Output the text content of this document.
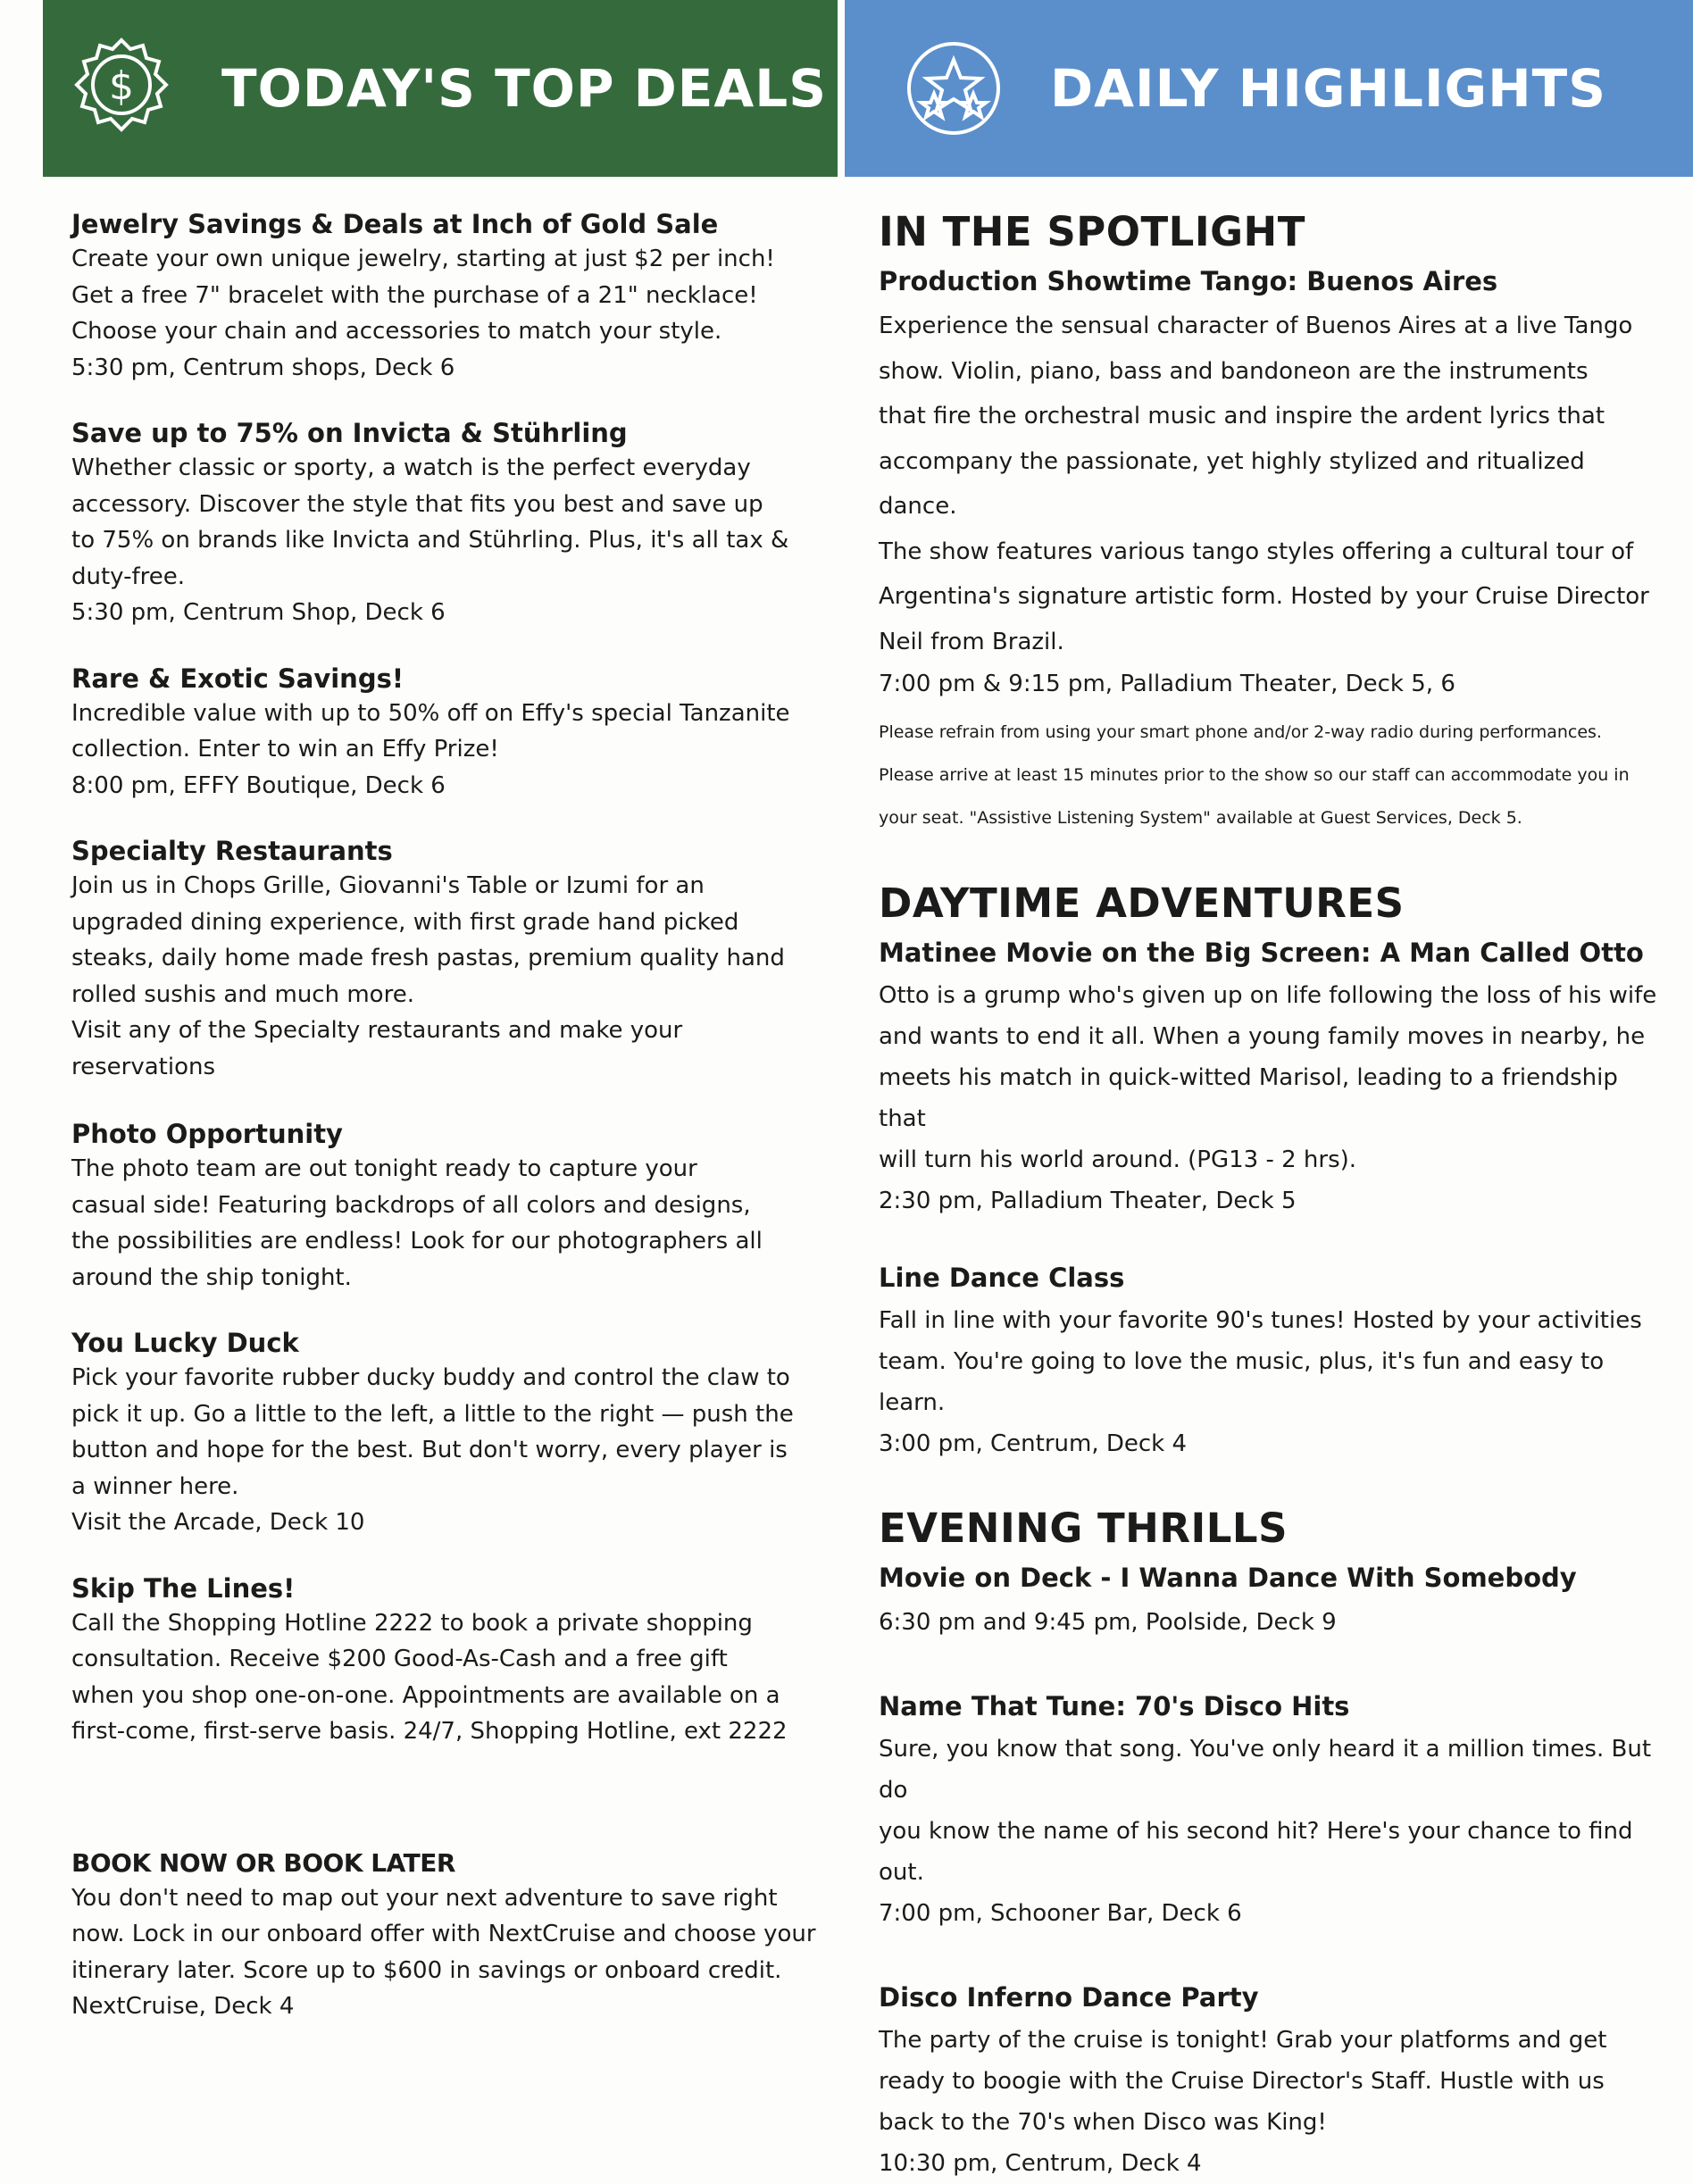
$ TODAY'S TOP DEALS	DAILY HIGHLIGHTS

Jewelry Savings & Deals at Inch of Gold Sale

Create your own unique jewelry, starting at just $2 per inch!
Get a free 7" bracelet with the purchase of a 21" necklace!
Choose your chain and accessories to match your style.

5:30 pm, Centrum shops, Deck 6

Save up to 75% on Invicta & Stührling

Whether classic or sporty, a watch is the perfect everyday
accessory. Discover the style that fits you best and save up
to 75% on brands like Invicta and Stührling. Plus, it's all tax &
duty-free.

5:30 pm, Centrum Shop, Deck 6

Rare & Exotic Savings!

Incredible value with up to 50% off on Effy's special Tanzanite
collection. Enter to win an Effy Prize!

8:00 pm, EFFY Boutique, Deck 6

Specialty Restaurants

Join us in Chops Grille, Giovanni's Table or Izumi for an
upgraded dining experience, with first grade hand picked
steaks, daily home made fresh pastas, premium quality hand
rolled sushis and much more.
Visit any of the Specialty restaurants and make your
reservations

Photo Opportunity

The photo team are out tonight ready to capture your
casual side! Featuring backdrops of all colors and designs,
the possibilities are endless! Look for our photographers all
around the ship tonight.

You Lucky Duck

Pick your favorite rubber ducky buddy and control the claw to
pick it up. Go a little to the left, a little to the right — push the
button and hope for the best. But don't worry, every player is
a winner here.

Visit the Arcade, Deck 10

Skip The Lines!

Call the Shopping Hotline 2222 to book a private shopping
consultation. Receive $200 Good-As-Cash and a free gift
when you shop one-on-one. Appointments are available on a
first-come, first-serve basis. 24/7, Shopping Hotline, ext 2222

BOOK NOW OR BOOK LATER

You don't need to map out your next adventure to save right
now. Lock in our onboard offer with NextCruise and choose your
itinerary later. Score up to $600 in savings or onboard credit.

NextCruise, Deck 4

IN THE SPOTLIGHT

Production Showtime Tango: Buenos Aires

Experience the sensual character of Buenos Aires at a live Tango
show. Violin, piano, bass and bandoneon are the instruments
that fire the orchestral music and inspire the ardent lyrics that
accompany the passionate, yet highly stylized and ritualized dance.
The show features various tango styles offering a cultural tour of
Argentina's signature artistic form. Hosted by your Cruise Director
Neil from Brazil.

7:00 pm & 9:15 pm, Palladium Theater, Deck 5, 6

Please refrain from using your smart phone and/or 2-way radio during performances.
Please arrive at least 15 minutes prior to the show so our staff can accommodate you in
your seat. "Assistive Listening System" available at Guest Services, Deck 5.

DAYTIME ADVENTURES

Matinee Movie on the Big Screen: A Man Called Otto

Otto is a grump who's given up on life following the loss of his wife
and wants to end it all. When a young family moves in nearby, he
meets his match in quick-witted Marisol, leading to a friendship that
will turn his world around. (PG13 - 2 hrs).

2:30 pm, Palladium Theater, Deck 5

Line Dance Class

Fall in line with your favorite 90's tunes! Hosted by your activities
team. You're going to love the music, plus, it's fun and easy to learn.

3:00 pm, Centrum, Deck 4

EVENING THRILLS

Movie on Deck - I Wanna Dance With Somebody

6:30 pm and 9:45 pm, Poolside, Deck 9

Name That Tune: 70's Disco Hits

Sure, you know that song. You've only heard it a million times. But do
you know the name of his second hit? Here's your chance to find out.

7:00 pm, Schooner Bar, Deck 6

Disco Inferno Dance Party

The party of the cruise is tonight! Grab your platforms and get
ready to boogie with the Cruise Director's Staff. Hustle with us
back to the 70's when Disco was King!

10:30 pm, Centrum, Deck 4
